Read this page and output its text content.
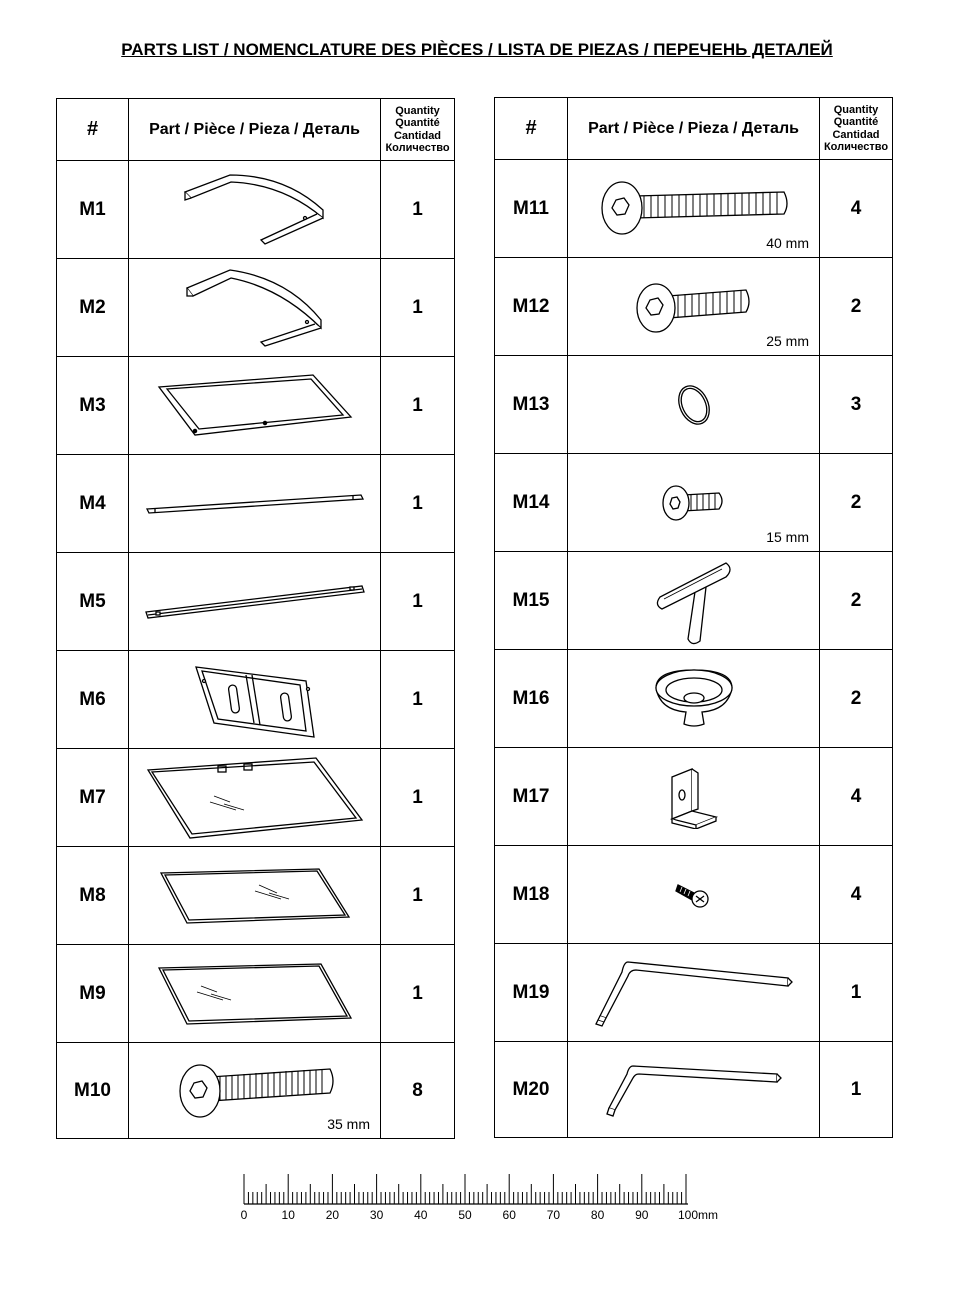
PARTS LIST / NOMENCLATURE DES PIÈCES / LISTA DE PIEZAS / ПЕРЕЧЕНЬ ДЕТАЛЕЙ
#	Part / Pièce / Pieza / Деталь	Quantity
Quantité
Cantidad
Количество

M1		1
M2		1
M3		1
M4		1
M5		1
M6		1
M7		1
M8		1
M9		1
M10	35 mm	8
#	Part / Pièce / Pieza / Деталь	Quantity
Quantité
Cantidad
Количество

M11	40 mm	4
M12	25 mm	2
M13		3
M14	15 mm	2
M15		2
M16		2
M17		4
M18		4
M19		1
M20		1
0	10	20	30	40	50	60	70	80	90 100mm
